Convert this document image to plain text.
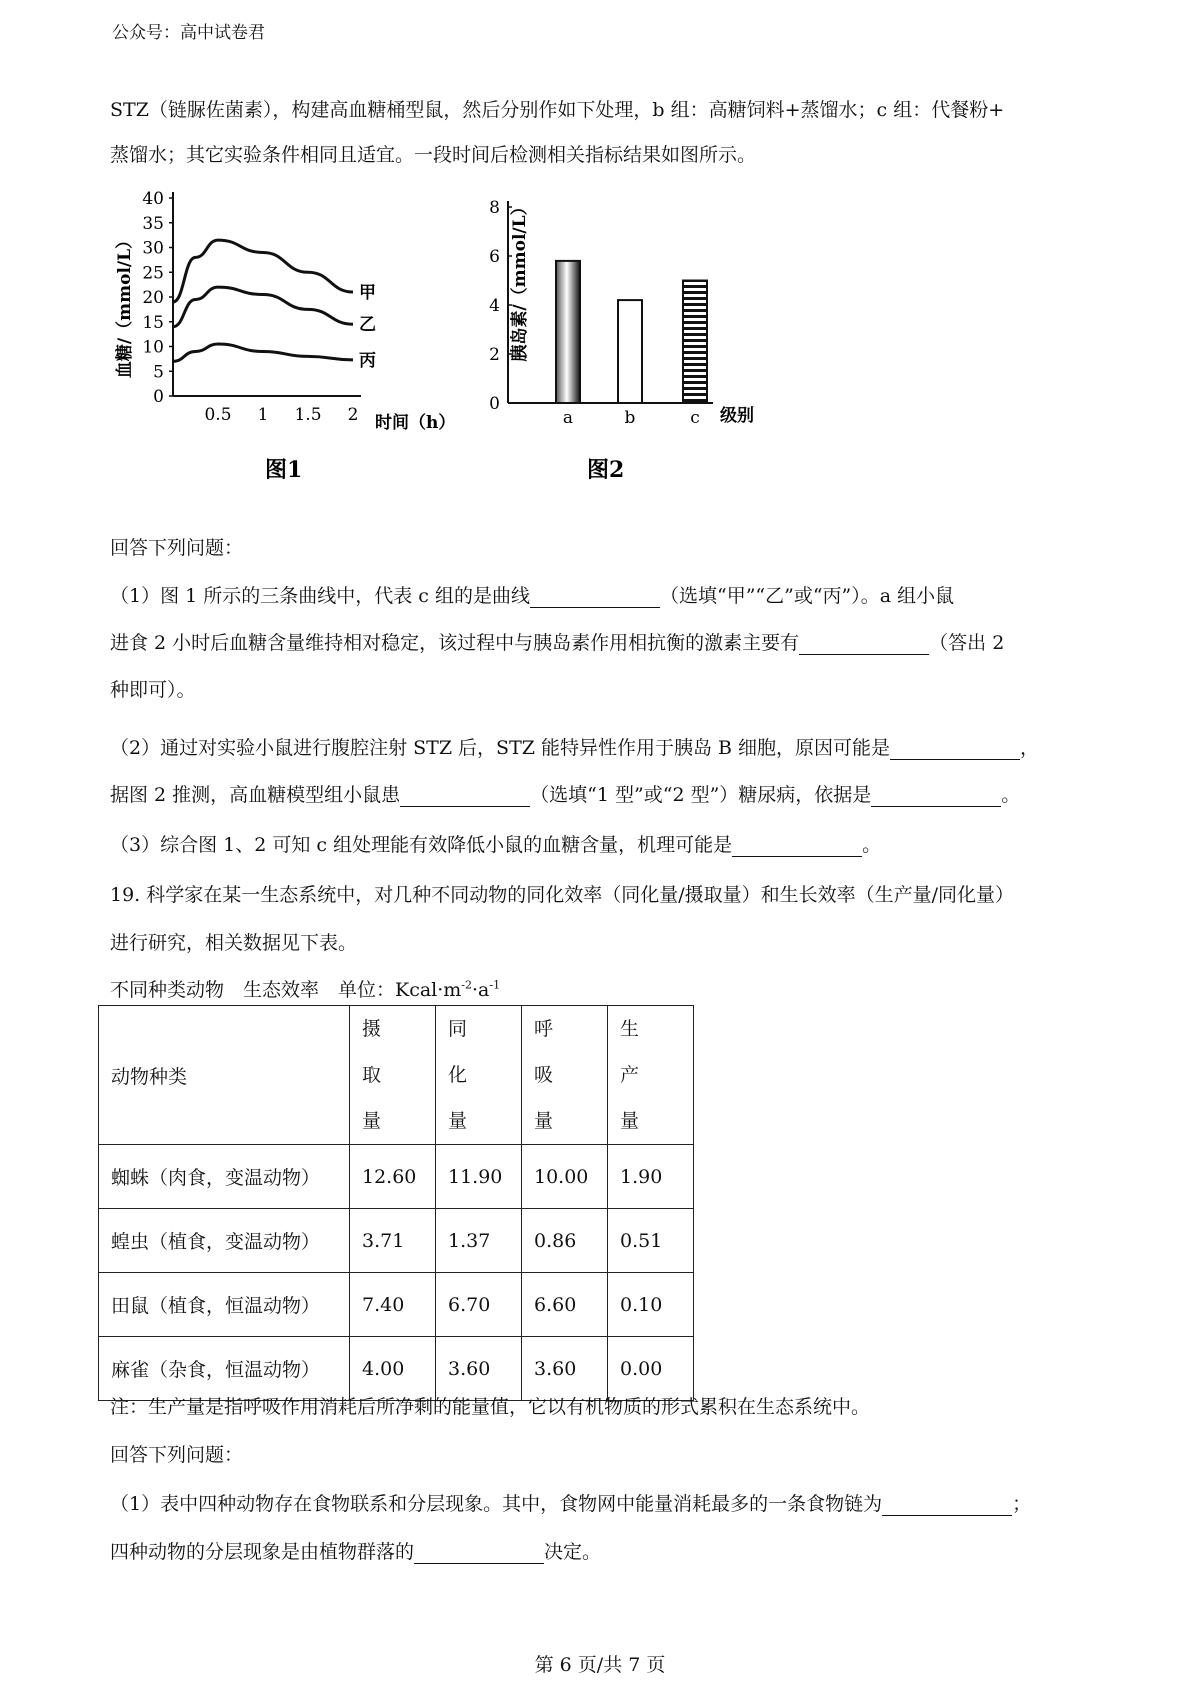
公众号：高中试卷君
STZ（链脲佐菌素），构建高血糖桶型鼠，然后分别作如下处理，b 组：高糖饲料+蒸馏水；c 组：代餐粉+
蒸馏水；其它实验条件相同且适宜。一段时间后检测相关指标结果如图所示。
0
5
10
15
20
25
30
35
40
0.5 1 1.5 2
甲
乙
丙
血糖/（mmol/L）
时间（h）
图1
0
2
4
6
8
a	b	c
胰岛素/（mmol/L）
级别
图2
回答下列问题：
（1）图 1 所示的三条曲线中，代表 c 组的是曲线	（选填“甲”“乙”或“丙”）。a 组小鼠
进食 2 小时后血糖含量维持相对稳定，该过程中与胰岛素作用相抗衡的激素主要有	（答出 2
种即可）。
（2）通过对实验小鼠进行腹腔注射 STZ 后，STZ 能特异性作用于胰岛 B 细胞，原因可能是	，
据图 2 推测，高血糖模型组小鼠患	（选填“1 型”或“2 型”）糖尿病，依据是	。
（3）综合图 1、2 可知 c 组处理能有效降低小鼠的血糖含量，机理可能是	。
19. 科学家在某一生态系统中，对几种不同动物的同化效率（同化量/摄取量）和生长效率（生产量/同化量）
进行研究，相关数据见下表。
不同种类动物　生态效率　单位：$Kcal\cdot m^{-2}\cdot a^{-1}$
动物种类	摄取量	同化量	呼吸量	生产量
蜘蛛（肉食，变温动物）	12.60	11.90	10.00	1.90
蝗虫（植食，变温动物）	3.71	1.37	0.86	0.51
田鼠（植食，恒温动物）	7.40	6.70	6.60	0.10
麻雀（杂食，恒温动物）	4.00	3.60	3.60	0.00
注：生产量是指呼吸作用消耗后所净剩的能量值，它以有机物质的形式累积在生态系统中。
回答下列问题：
（1）表中四种动物存在食物联系和分层现象。其中，食物网中能量消耗最多的一条食物链为	；
四种动物的分层现象是由植物群落的	决定。
第 6 页/共 7 页
